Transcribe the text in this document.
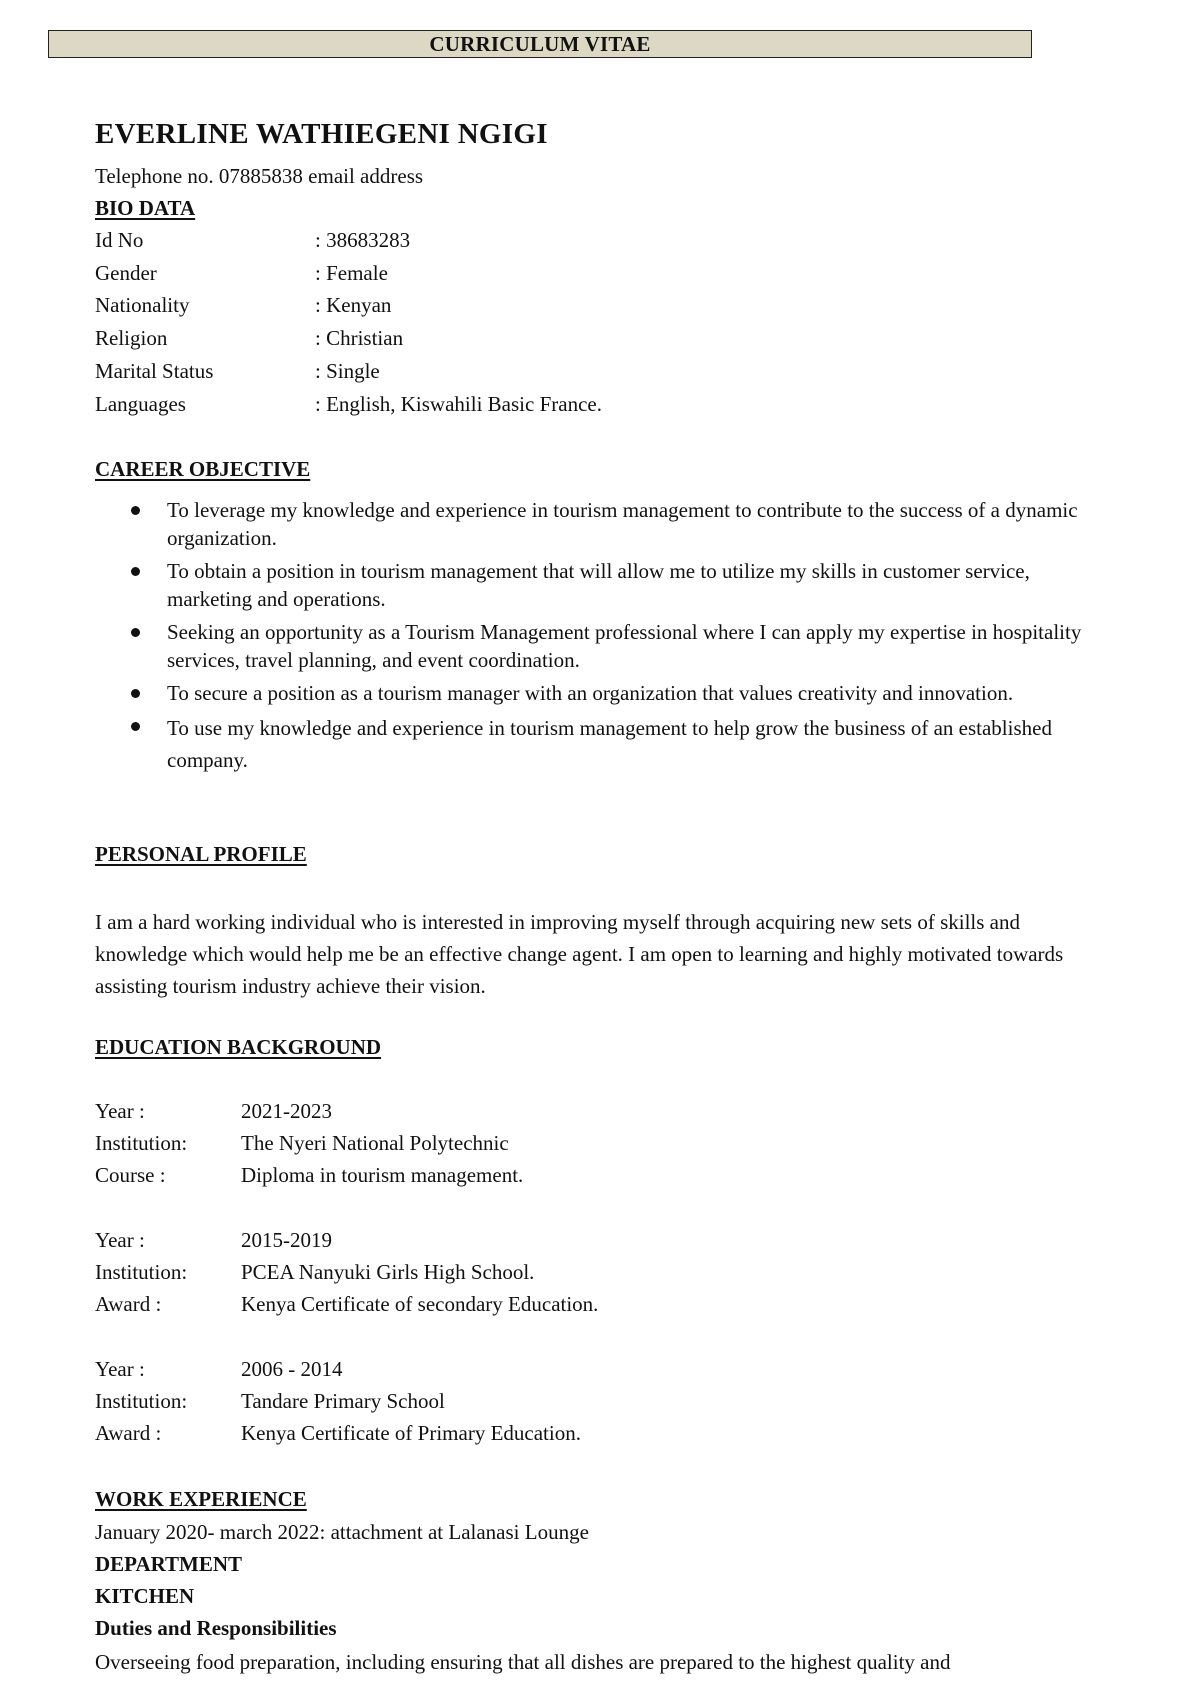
CURRICULUM VITAE
EVERLINE WATHIEGENI NGIGI
Telephone no. 07885838 email address
BIO DATA
Id No	: 38683283
Gender	: Female
Nationality	: Kenyan
Religion	: Christian
Marital Status	: Single
Languages	: English, Kiswahili Basic France.
CAREER OBJECTIVE
To leverage my knowledge and experience in tourism management to contribute to the success of a dynamic organization.
To obtain a position in tourism management that will allow me to utilize my skills in customer service, marketing and operations.
Seeking an opportunity as a Tourism Management professional where I can apply my expertise in hospitality services, travel planning, and event coordination.
To secure a position as a tourism manager with an organization that values creativity and innovation.
To use my knowledge and experience in tourism management to help grow the business of an established company.
PERSONAL PROFILE
I am a hard working individual who is interested in improving myself through acquiring new sets of skills and knowledge which would help me be an effective change agent. I am open to learning and highly motivated towards assisting tourism industry achieve their vision.
EDUCATION BACKGROUND
Year :	2021-2023
Institution:	The Nyeri National Polytechnic
Course :	Diploma in tourism management.
Year :	2015-2019
Institution:	PCEA Nanyuki Girls High School.
Award :	Kenya Certificate of secondary Education.
Year :	2006 - 2014
Institution:	Tandare Primary School
Award :	Kenya Certificate of Primary Education.
WORK EXPERIENCE
January 2020- march 2022: attachment at Lalanasi Lounge
DEPARTMENT
KITCHEN
Duties and Responsibilities
Overseeing food preparation, including ensuring that all dishes are prepared to the highest quality and
